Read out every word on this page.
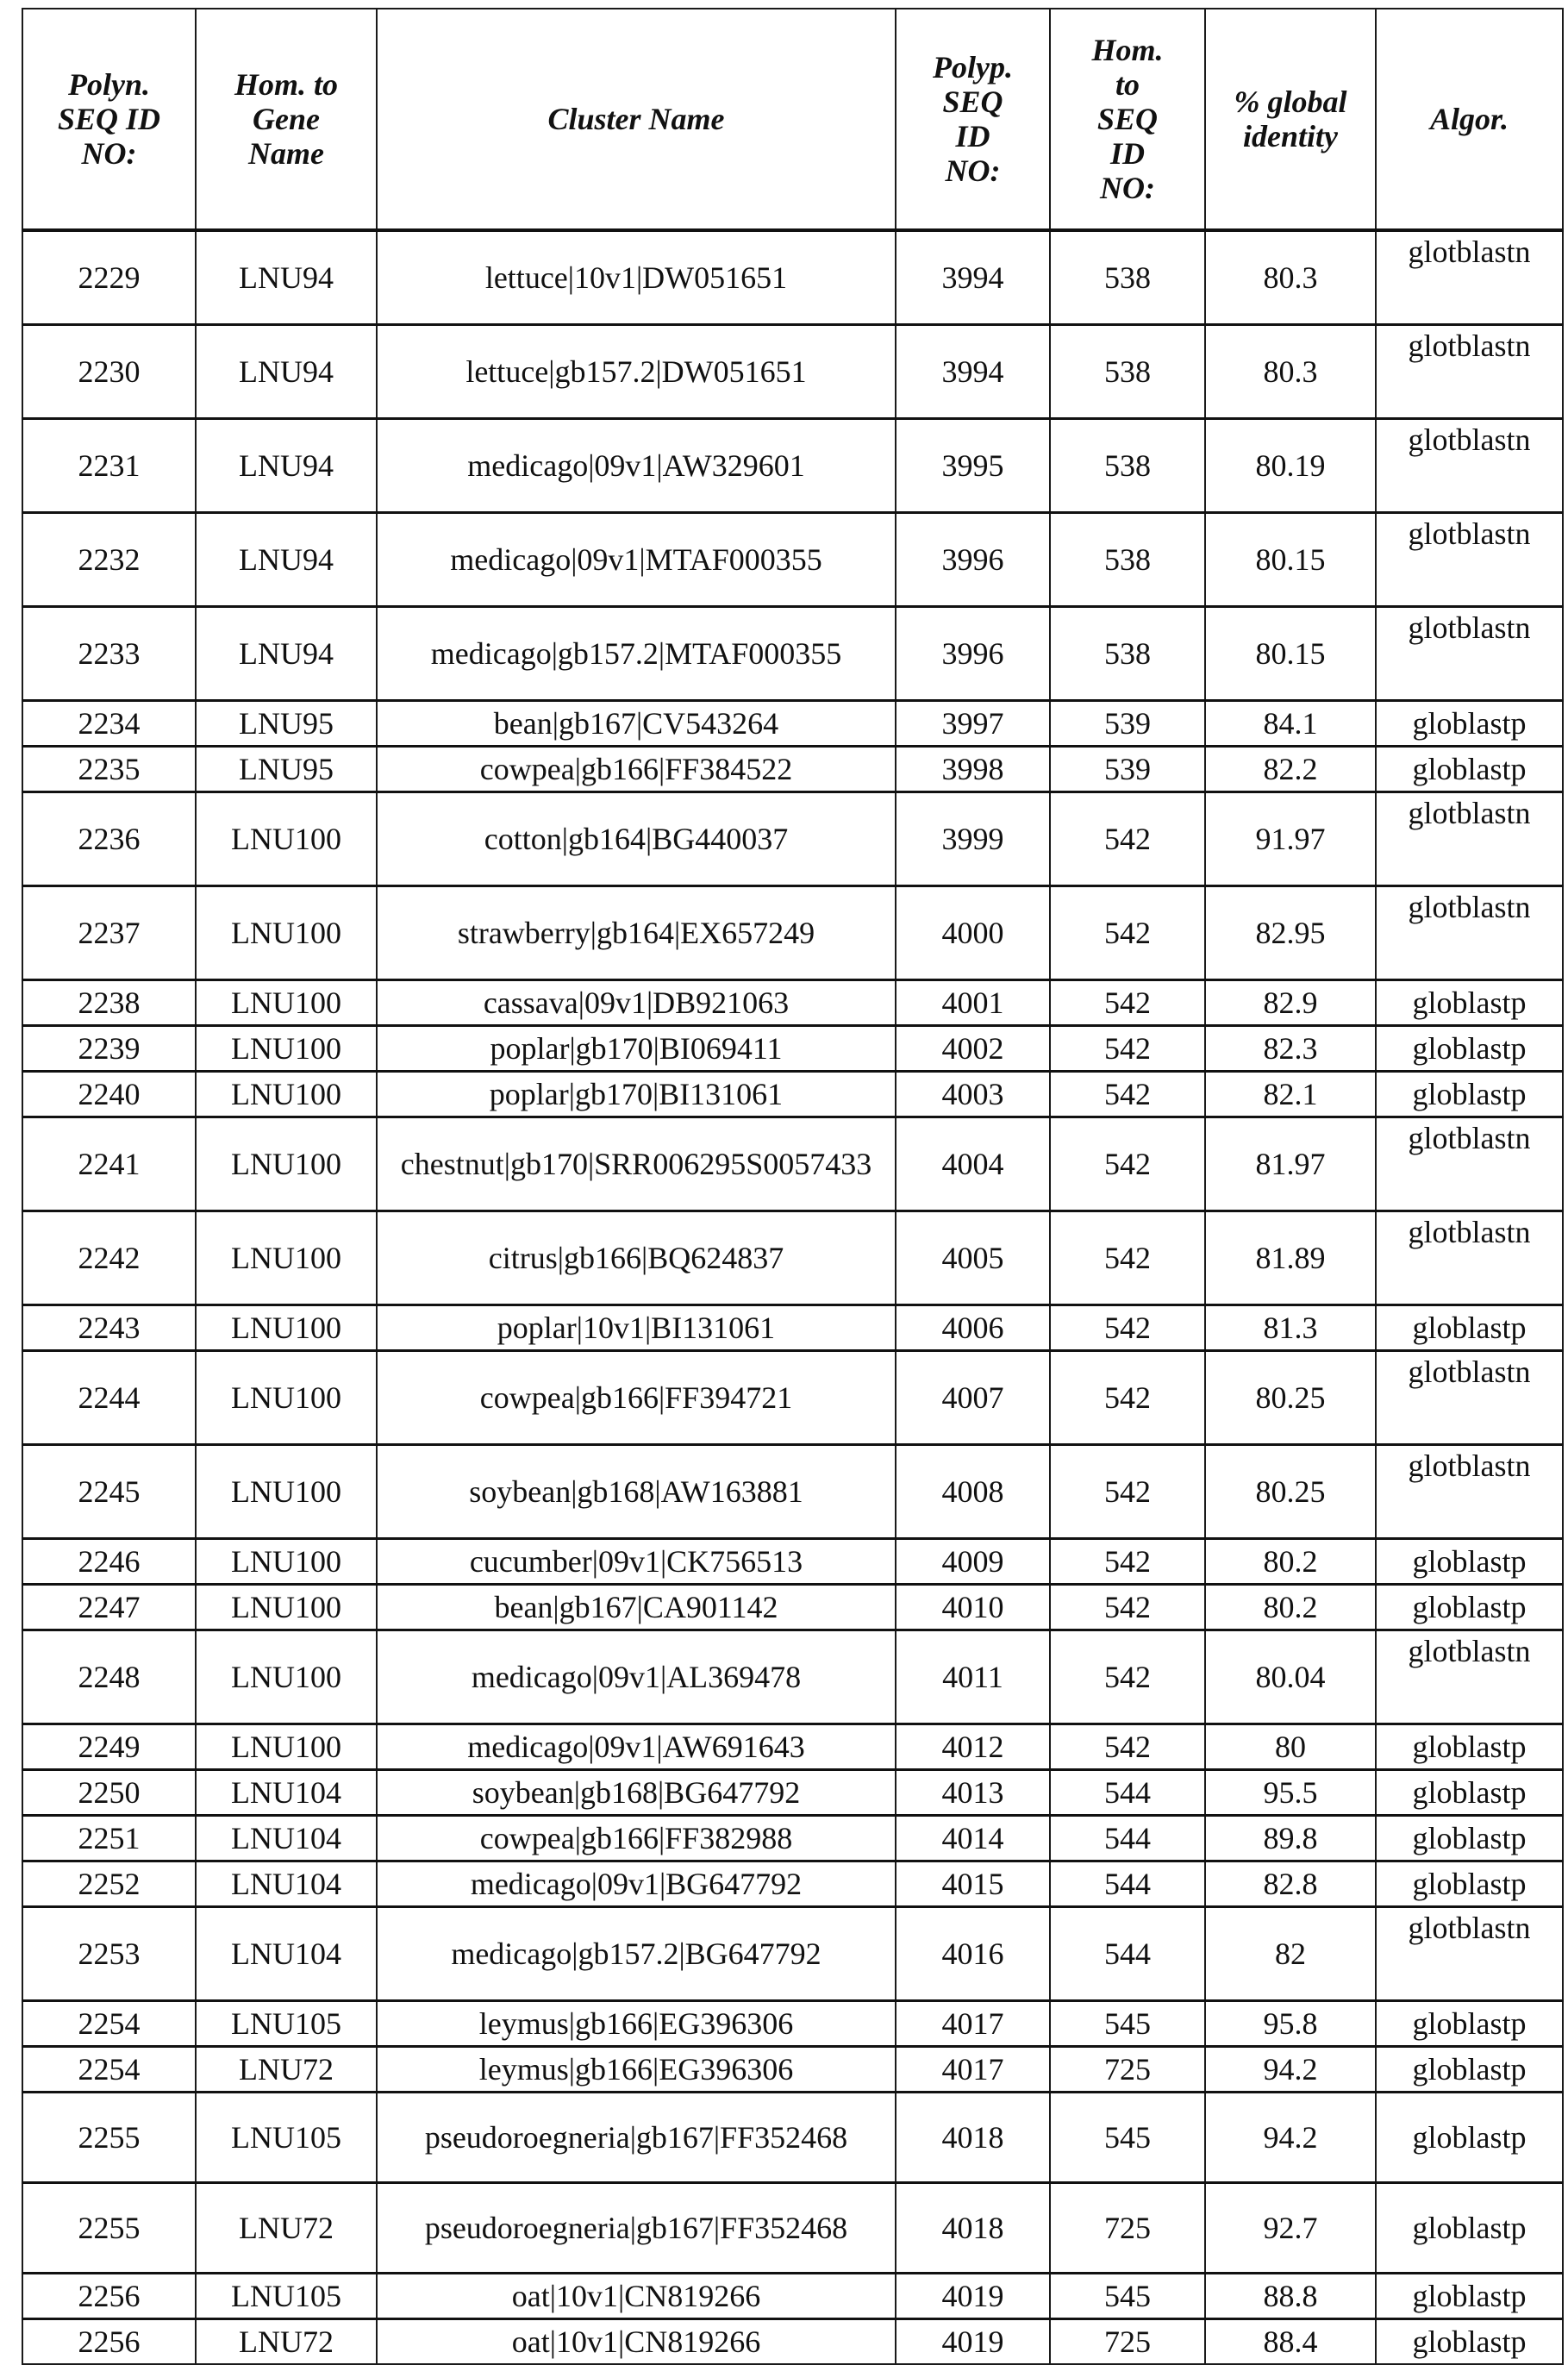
Polyn. SEQ ID NO:	Hom. to Gene Name	Cluster Name	Polyp. SEQ ID NO:	Hom. to SEQ ID NO:	% global identity	Algor.
2229	LNU94	lettuce|10v1|DW051651	3994	538	80.3	glotblastn
2230	LNU94	lettuce|gb157.2|DW051651	3994	538	80.3	glotblastn
2231	LNU94	medicago|09v1|AW329601	3995	538	80.19	glotblastn
2232	LNU94	medicago|09v1|MTAF000355	3996	538	80.15	glotblastn
2233	LNU94	medicago|gb157.2|MTAF000355	3996	538	80.15	glotblastn
2234	LNU95	bean|gb167|CV543264	3997	539	84.1	globlastp
2235	LNU95	cowpea|gb166|FF384522	3998	539	82.2	globlastp
2236	LNU100	cotton|gb164|BG440037	3999	542	91.97	glotblastn
2237	LNU100	strawberry|gb164|EX657249	4000	542	82.95	glotblastn
2238	LNU100	cassava|09v1|DB921063	4001	542	82.9	globlastp
2239	LNU100	poplar|gb170|BI069411	4002	542	82.3	globlastp
2240	LNU100	poplar|gb170|BI131061	4003	542	82.1	globlastp
2241	LNU100	chestnut|gb170|SRR006295S0057433	4004	542	81.97	glotblastn
2242	LNU100	citrus|gb166|BQ624837	4005	542	81.89	glotblastn
2243	LNU100	poplar|10v1|BI131061	4006	542	81.3	globlastp
2244	LNU100	cowpea|gb166|FF394721	4007	542	80.25	glotblastn
2245	LNU100	soybean|gb168|AW163881	4008	542	80.25	glotblastn
2246	LNU100	cucumber|09v1|CK756513	4009	542	80.2	globlastp
2247	LNU100	bean|gb167|CA901142	4010	542	80.2	globlastp
2248	LNU100	medicago|09v1|AL369478	4011	542	80.04	glotblastn
2249	LNU100	medicago|09v1|AW691643	4012	542	80	globlastp
2250	LNU104	soybean|gb168|BG647792	4013	544	95.5	globlastp
2251	LNU104	cowpea|gb166|FF382988	4014	544	89.8	globlastp
2252	LNU104	medicago|09v1|BG647792	4015	544	82.8	globlastp
2253	LNU104	medicago|gb157.2|BG647792	4016	544	82	glotblastn
2254	LNU105	leymus|gb166|EG396306	4017	545	95.8	globlastp
2254	LNU72	leymus|gb166|EG396306	4017	725	94.2	globlastp
2255	LNU105	pseudoroegneria|gb167|FF352468	4018	545	94.2	globlastp
2255	LNU72	pseudoroegneria|gb167|FF352468	4018	725	92.7	globlastp
2256	LNU105	oat|10v1|CN819266	4019	545	88.8	globlastp
2256	LNU72	oat|10v1|CN819266	4019	725	88.4	globlastp
